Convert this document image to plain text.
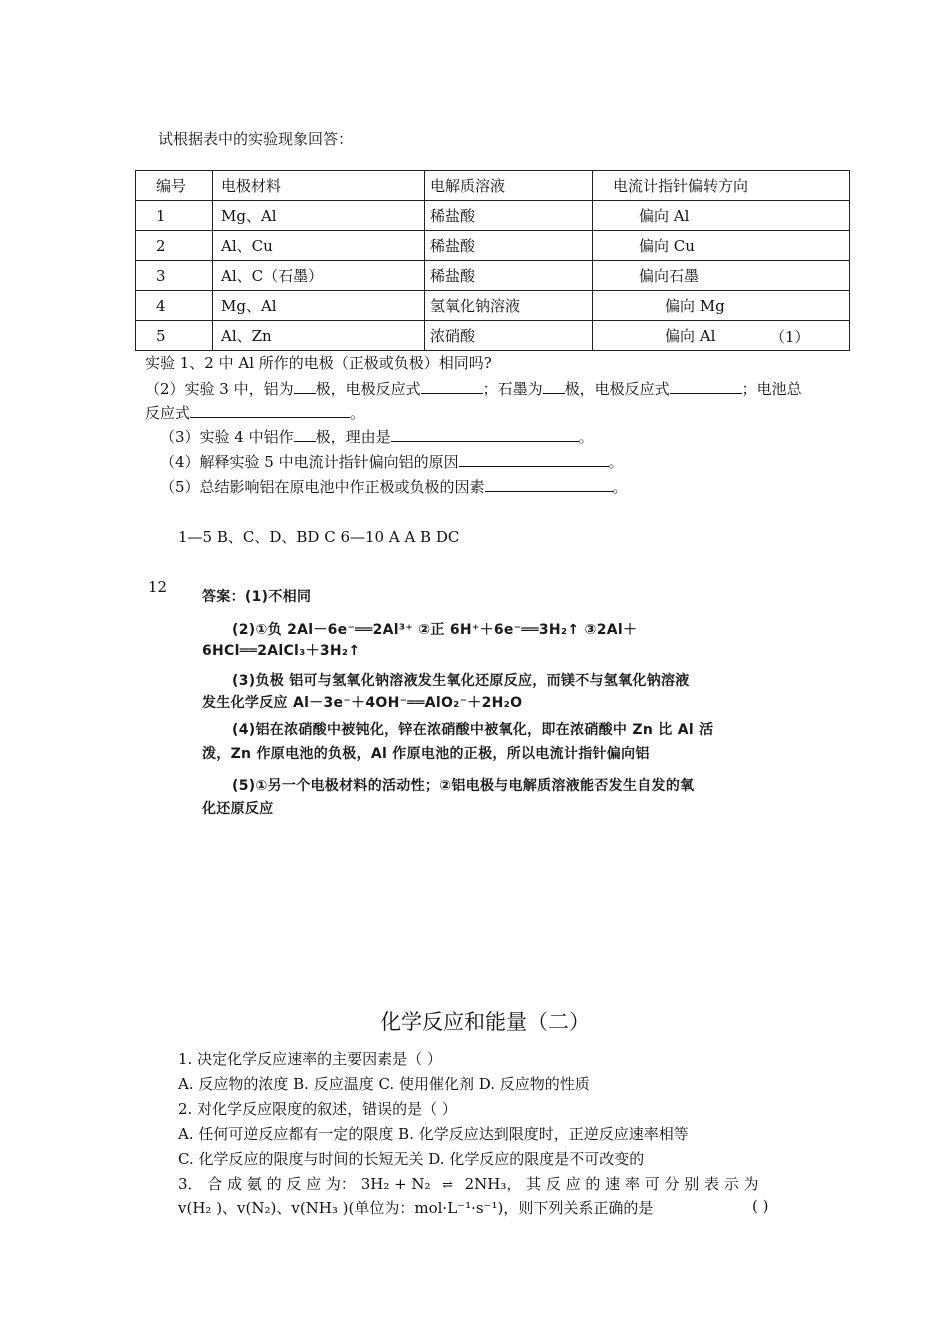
试根据表中的实验现象回答：
编号	电极材料	电解质溶液	电流计指针偏转方向
1	Mg、Al	稀盐酸	偏向 Al
2	Al、Cu	稀盐酸	偏向 Cu
3	Al、C（石墨）	稀盐酸	偏向石墨
4	Mg、Al	氢氧化钠溶液	偏向 Mg
5	Al、Zn	浓硝酸	偏向 Al	（1）
实验 1、2 中 Al 所作的电极（正极或负极）相同吗?
（2）实验 3 中，铝为 极，电极反应式	；石墨为 极，电极反应式	；电池总
反应式	。
（3）实验 4 中铝作 极，理由是	。
（4）解释实验 5 中电流计指针偏向铝的原因	。
（5）总结影响铝在原电池中作正极或负极的因素	。
1—5 B、C、D、BD C 6—10 A A B DC
12
答案：(1)不相同
(2)①负 2Al－6e⁻══2Al³⁺ ②正 6H⁺＋6e⁻══3H₂↑ ③2Al＋
6HCl══2AlCl₃＋3H₂↑
(3)负极 铝可与氢氧化钠溶液发生氧化还原反应，而镁不与氢氧化钠溶液
发生化学反应 Al－3e⁻＋4OH⁻══AlO₂⁻＋2H₂O
(4)铝在浓硝酸中被钝化，锌在浓硝酸中被氧化，即在浓硝酸中 Zn 比 Al 活
泼，Zn 作原电池的负极，Al 作原电池的正极，所以电流计指针偏向铝
(5)①另一个电极材料的活动性；②铝电极与电解质溶液能否发生自发的氧
化还原反应
化学反应和能量（二）
1. 决定化学反应速率的主要因素是（ ）
A. 反应物的浓度 B. 反应温度 C. 使用催化剂 D. 反应物的性质
2. 对化学反应限度的叙述，错误的是（ ）
A. 任何可逆反应都有一定的限度 B. 化学反应达到限度时，正逆反应速率相等
C. 化学反应的限度与时间的长短无关 D. 化学反应的限度是不可改变的
3． 合 成 氨 的 反 应 为： 3H₂ + N₂ ⇌ 2NH₃， 其 反 应 的 速 率 可 分 别 表 示 为
v(H₂ )、v(N₂)、v(NH₃ )(单位为：mol·L⁻¹·s⁻¹)，则下列关系正确的是	( )
